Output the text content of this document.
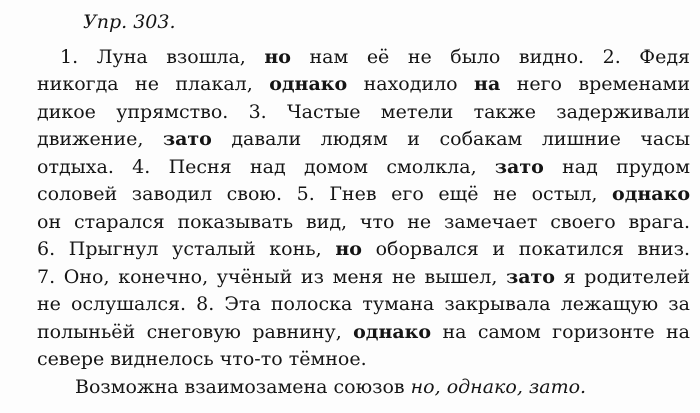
Упр. 303.
1. Луна взошла, но нам её не было видно. 2. Федя
никогда не плакал, однако находило на него временами
дикое упрямство. 3. Частые метели также задерживали
движение, зато давали людям и собакам лишние часы
отдыха. 4. Песня над домом смолкла, зато над прудом
соловей заводил свою. 5. Гнев его ещё не остыл, однако
он старался показывать вид, что не замечает своего врага.
6. Прыгнул усталый конь, но оборвался и покатился вниз.
7. Оно, конечно, учёный из меня не вышел, зато я родителей
не ослушался. 8. Эта полоска тумана закрывала лежащую за
полыньёй снеговую равнину, однако на самом горизонте на
севере виднелось что-то тёмное.
Возможна взаимозамена союзов но, однако, зато.
